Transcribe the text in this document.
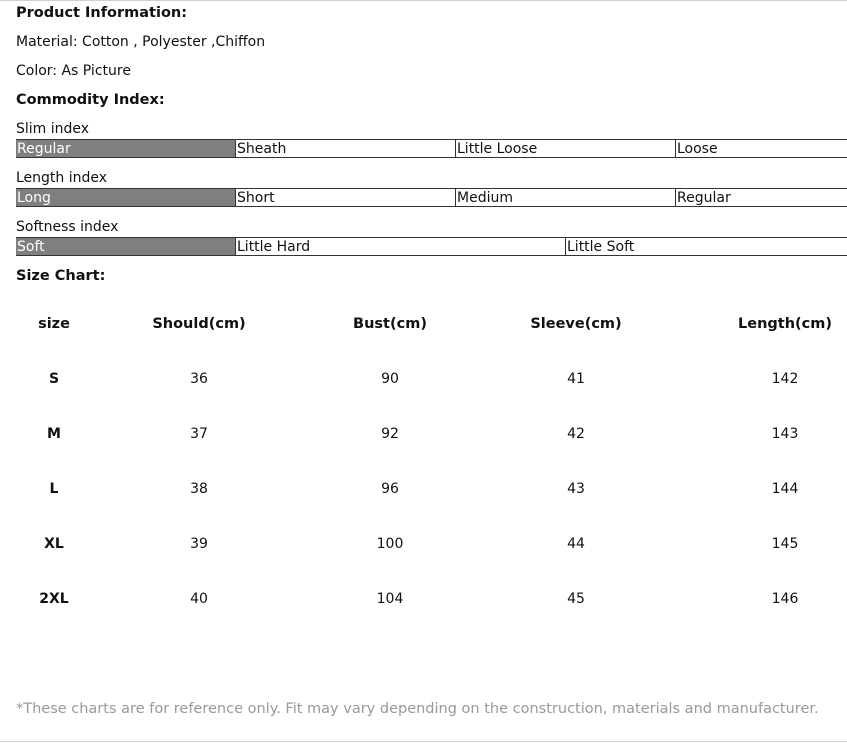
Product Information:
Material: Cotton , Polyester ,Chiffon
Color: As Picture
Commodity Index:
Slim index
Regular	Sheath	Little Loose	Loose
Length index
Long	Short	Medium	Regular
Softness index
Soft	Little Hard	Little Soft
Size Chart:
size	Should(cm)	Bust(cm)	Sleeve(cm)	Length(cm)
S	36	90	41	142
M	37	92	42	143
L	38	96	43	144
XL	39	100	44	145
2XL	40	104	45	146
*These charts are for reference only. Fit may vary depending on the construction, materials and manufacturer.
